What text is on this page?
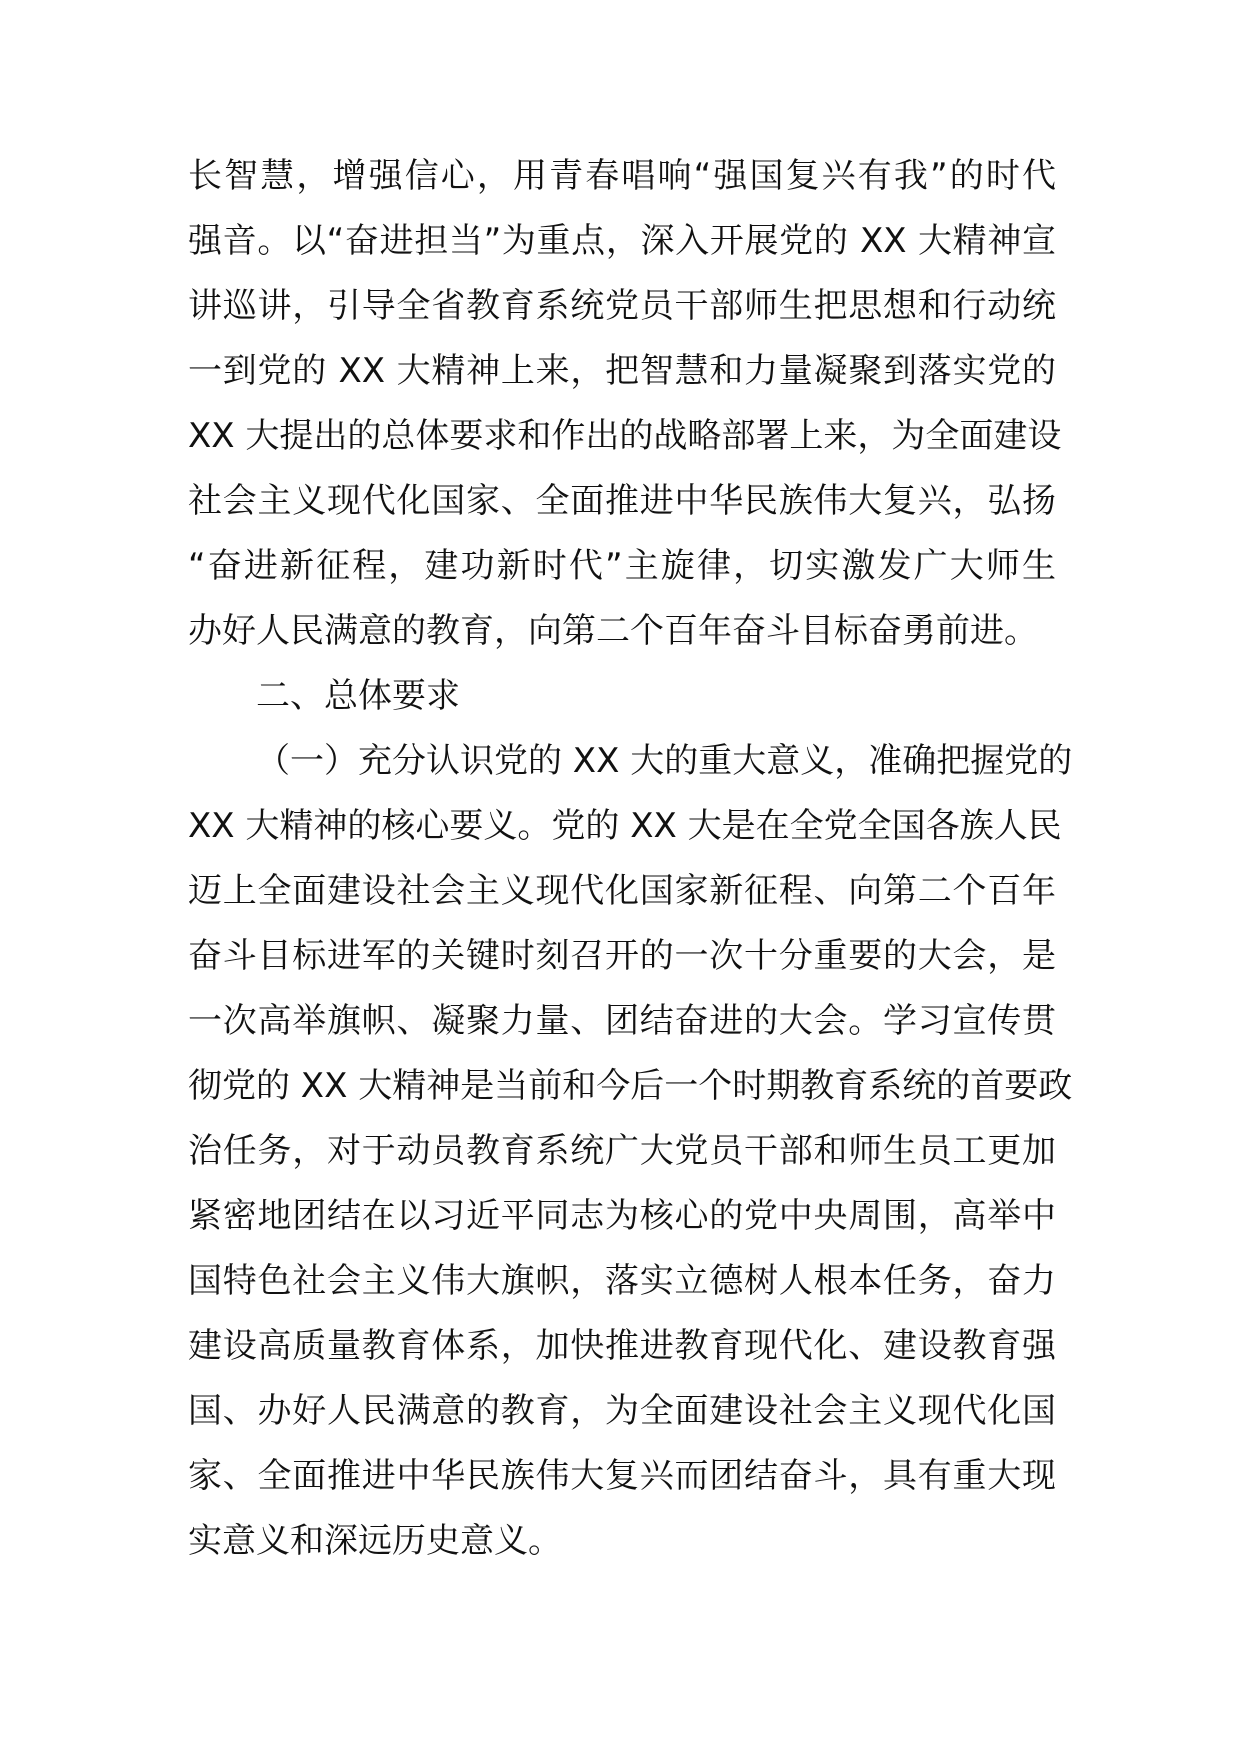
长智慧，增强信心，用青春唱响“强国复兴有我”的时代
强音。以“奋进担当”为重点，深入开展党的 XX 大精神宣
讲巡讲，引导全省教育系统党员干部师生把思想和行动统
一到党的 XX 大精神上来，把智慧和力量凝聚到落实党的
XX 大提出的总体要求和作出的战略部署上来，为全面建设
社会主义现代化国家、全面推进中华民族伟大复兴，弘扬
“奋进新征程，建功新时代”主旋律，切实激发广大师生
办好人民满意的教育，向第二个百年奋斗目标奋勇前进。
二、总体要求
（一）充分认识党的 XX 大的重大意义，准确把握党的
XX 大精神的核心要义。党的 XX 大是在全党全国各族人民
迈上全面建设社会主义现代化国家新征程、向第二个百年
奋斗目标进军的关键时刻召开的一次十分重要的大会，是
一次高举旗帜、凝聚力量、团结奋进的大会。学习宣传贯
彻党的 XX 大精神是当前和今后一个时期教育系统的首要政
治任务，对于动员教育系统广大党员干部和师生员工更加
紧密地团结在以习近平同志为核心的党中央周围，高举中
国特色社会主义伟大旗帜，落实立德树人根本任务，奋力
建设高质量教育体系，加快推进教育现代化、建设教育强
国、办好人民满意的教育，为全面建设社会主义现代化国
家、全面推进中华民族伟大复兴而团结奋斗，具有重大现
实意义和深远历史意义。
